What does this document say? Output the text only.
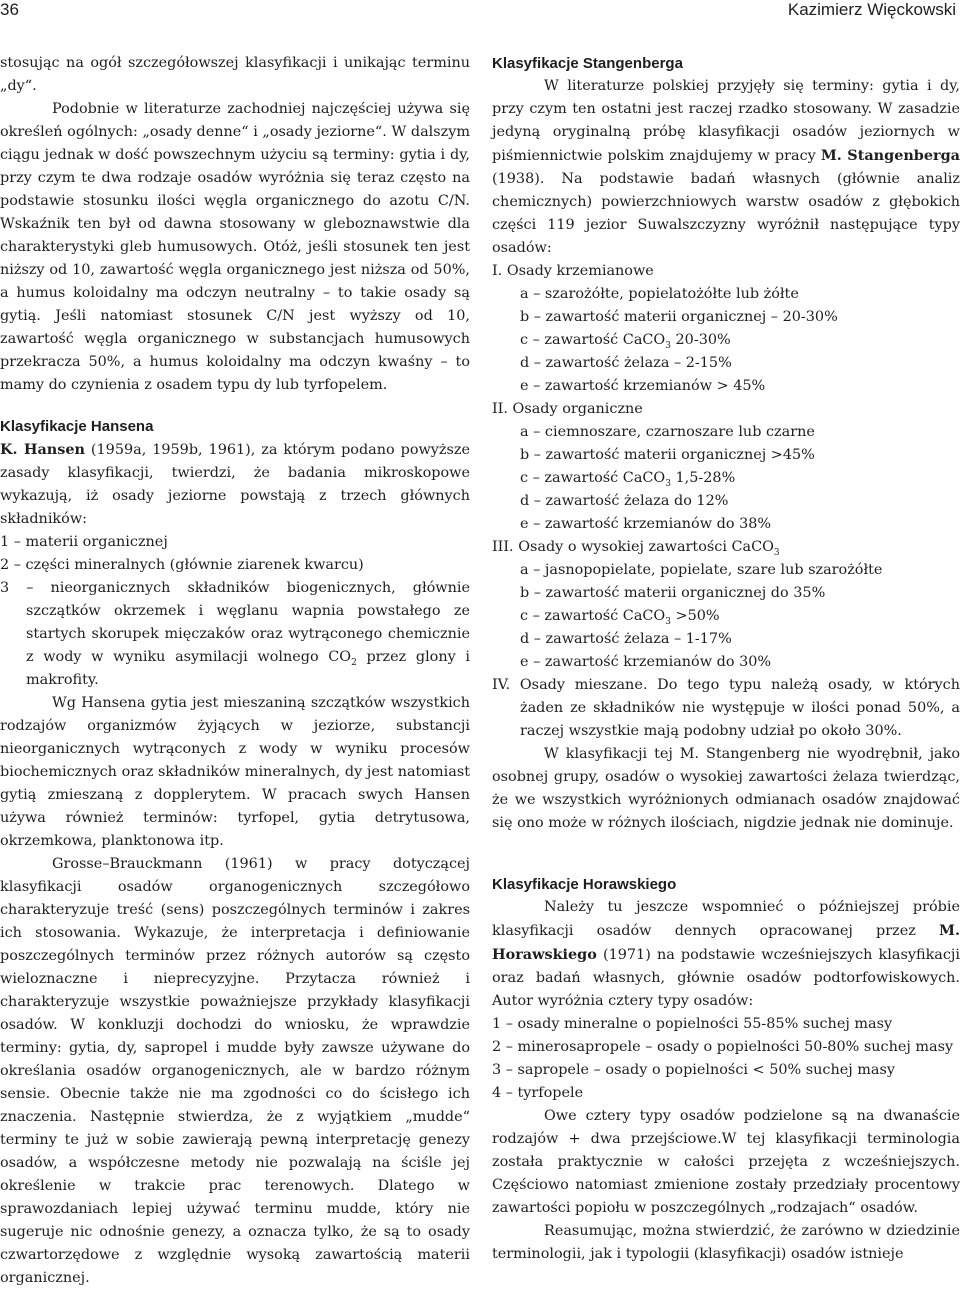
36	Kazimierz Więckowski

stosując na ogół szczegółowszej klasyfikacji i unikając terminu „dy“.

Podobnie w literaturze zachodniej najczęściej używa się określeń ogólnych: „osady denne“ i „osady jeziorne“. W dalszym ciągu jednak w dość powszechnym użyciu są terminy: gytia i dy, przy czym te dwa rodzaje osadów wyróżnia się teraz często na podstawie stosunku ilości węgla organicznego do azotu C/N. Wskaźnik ten był od dawna stosowany w gleboznawstwie dla charakterystyki gleb humusowych. Otóż, jeśli stosunek ten jest niższy od 10, zawartość węgla organicznego jest niższa od 50%, a humus koloidalny ma odczyn neutralny – to takie osady są gytią. Jeśli natomiast stosunek C/N jest wyższy od 10, zawartość węgla organicznego w substancjach humusowych przekracza 50%, a humus koloidalny ma odczyn kwaśny – to mamy do czynienia z osadem typu dy lub tyrfopelem.

Klasyfikacje Hansena

K. Hansen (1959a, 1959b, 1961), za którym podano powyższe zasady klasyfikacji, twierdzi, że badania mikroskopowe wykazują, iż osady jeziorne powstają z trzech głównych składników:

1 – materii organicznej

2 – części mineralnych (głównie ziarenek kwarcu)

3 – nieorganicznych składników biogenicznych, głównie szczątków okrzemek i węglanu wapnia powstałego ze startych skorupek mięczaków oraz wytrąconego chemicznie z wody w wyniku asymilacji wolnego $CO_2$ przez glony i makrofity.

Wg Hansena gytia jest mieszaniną szczątków wszystkich rodzajów organizmów żyjących w jeziorze, substancji nieorganicznych wytrąconych z wody w wyniku procesów biochemicznych oraz składników mineralnych, dy jest natomiast gytią zmieszaną z dopplerytem. W pracach swych Hansen używa również terminów: tyrfopel, gytia detrytusowa, okrzemkowa, planktonowa itp.

Grosse–Brauckmann (1961) w pracy dotyczącej klasyfikacji osadów organogenicznych szczegółowo charakteryzuje treść (sens) poszczególnych terminów i zakres ich stosowania. Wykazuje, że interpretacja i definiowanie poszczególnych terminów przez różnych autorów są często wieloznaczne i nieprecyzyjne. Przytacza również i charakteryzuje wszystkie poważniejsze przykłady klasyfikacji osadów. W konkluzji dochodzi do wniosku, że wprawdzie terminy: gytia, dy, sapropel i mudde były zawsze używane do określania osadów organogenicznych, ale w bardzo różnym sensie. Obecnie także nie ma zgodności co do ścisłego ich znaczenia. Następnie stwierdza, że z wyjątkiem „mudde“ terminy te już w sobie zawierają pewną interpretację genezy osadów, a współczesne metody nie pozwalają na ściśle jej określenie w trakcie prac terenowych. Dlatego w sprawozdaniach lepiej używać terminu mudde, który nie sugeruje nic odnośnie genezy, a oznacza tylko, że są to osady czwartorzędowe z względnie wysoką zawartością materii organicznej.

Klasyfikacje Stangenberga

W literaturze polskiej przyjęły się terminy: gytia i dy, przy czym ten ostatni jest raczej rzadko stosowany. W zasadzie jedyną oryginalną próbę klasyfikacji osadów jeziornych w piśmiennictwie polskim znajdujemy w pracy M. Stangenberga (1938). Na podstawie badań własnych (głównie analiz chemicznych) powierzchniowych warstw osadów z głębokich części 119 jezior Suwalszczyzny wyróżnił następujące typy osadów:

I. Osady krzemianowe

a – szarożółte, popielatożółte lub żółte

b – zawartość materii organicznej – 20-30%

c – zawartość CaCO$_3$ 20-30%

d – zawartość żelaza – 2-15%

e – zawartość krzemianów > 45%

II. Osady organiczne

a – ciemnoszare, czarnoszare lub czarne

b – zawartość materii organicznej >45%

c – zawartość CaCO$_3$ 1,5-28%

d – zawartość żelaza do 12%

e – zawartość krzemianów do 38%

III. Osady o wysokiej zawartości CaCO$_3$

a – jasnopopielate, popielate, szare lub szarożółte

b – zawartość materii organicznej do 35%

c – zawartość CaCO$_3$ >50%

d – zawartość żelaza – 1-17%

e – zawartość krzemianów do 30%

IV. Osady mieszane. Do tego typu należą osady, w których żaden ze składników nie występuje w ilości ponad 50%, a raczej wszystkie mają podobny udział po około 30%.

W klasyfikacji tej M. Stangenberg nie wyodrębnił, jako osobnej grupy, osadów o wysokiej zawartości żelaza twierdząc, że we wszystkich wyróżnionych odmianach osadów znajdować się ono może w różnych ilościach, nigdzie jednak nie dominuje.

Klasyfikacje Horawskiego

Należy tu jeszcze wspomnieć o późniejszej próbie klasyfikacji osadów dennych opracowanej przez M. Horawskiego (1971) na podstawie wcześniejszych klasyfikacji oraz badań własnych, głównie osadów podtorfowiskowych. Autor wyróżnia cztery typy osadów:

1 – osady mineralne o popielności 55-85% suchej masy

2 – minerosapropele – osady o popielności 50-80% suchej masy

3 – sapropele – osady o popielności < 50% suchej masy

4 – tyrfopele

Owe cztery typy osadów podzielone są na dwanaście rodzajów + dwa przejściowe.W tej klasyfikacji terminologia została praktycznie w całości przejęta z wcześniejszych. Częściowo natomiast zmienione zostały przedziały procentowy zawartości popiołu w poszczególnych „rodzajach“ osadów.

Reasumując, można stwierdzić, że zarówno w dziedzinie terminologii, jak i typologii (klasyfikacji) osadów istnieje
